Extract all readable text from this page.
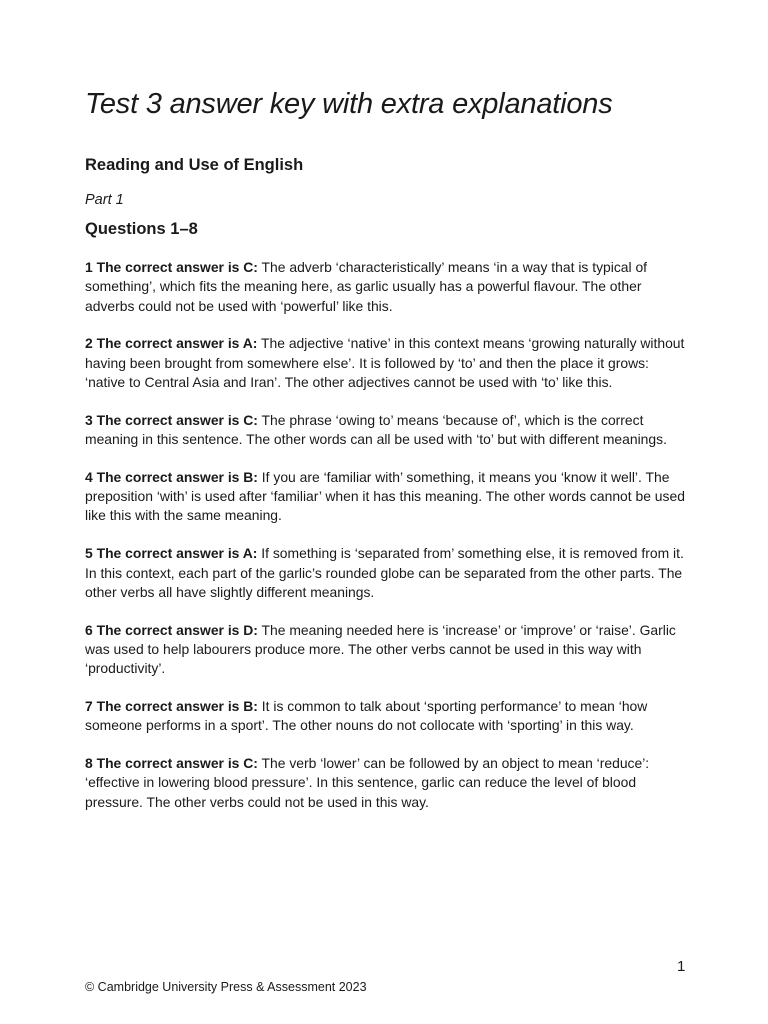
Test 3 answer key with extra explanations
Reading and Use of English

Part 1

Questions 1–8

1 The correct answer is C: The adverb ‘characteristically’ means ‘in a way that is typical of something’, which fits the meaning here, as garlic usually has a powerful flavour. The other adverbs could not be used with ‘powerful’ like this.

2 The correct answer is A: The adjective ‘native’ in this context means ‘growing naturally without having been brought from somewhere else’. It is followed by ‘to’ and then the place it grows: ‘native to Central Asia and Iran’. The other adjectives cannot be used with ‘to’ like this.

3 The correct answer is C: The phrase ‘owing to’ means ‘because of’, which is the correct meaning in this sentence. The other words can all be used with ‘to’ but with different meanings.

4 The correct answer is B: If you are ‘familiar with’ something, it means you ‘know it well’. The preposition ‘with’ is used after ‘familiar’ when it has this meaning. The other words cannot be used like this with the same meaning.

5 The correct answer is A: If something is ‘separated from’ something else, it is removed from it. In this context, each part of the garlic’s rounded globe can be separated from the other parts. The other verbs all have slightly different meanings.

6 The correct answer is D: The meaning needed here is ‘increase’ or ‘improve’ or ‘raise’. Garlic was used to help labourers produce more. The other verbs cannot be used in this way with ‘productivity’.

7 The correct answer is B: It is common to talk about ‘sporting performance’ to mean ‘how someone performs in a sport’. The other nouns do not collocate with ‘sporting’ in this way.

8 The correct answer is C: The verb ‘lower’ can be followed by an object to mean ‘reduce’: ‘effective in lowering blood pressure’. In this sentence, garlic can reduce the level of blood pressure. The other verbs could not be used in this way.

1
© Cambridge University Press & Assessment 2023
